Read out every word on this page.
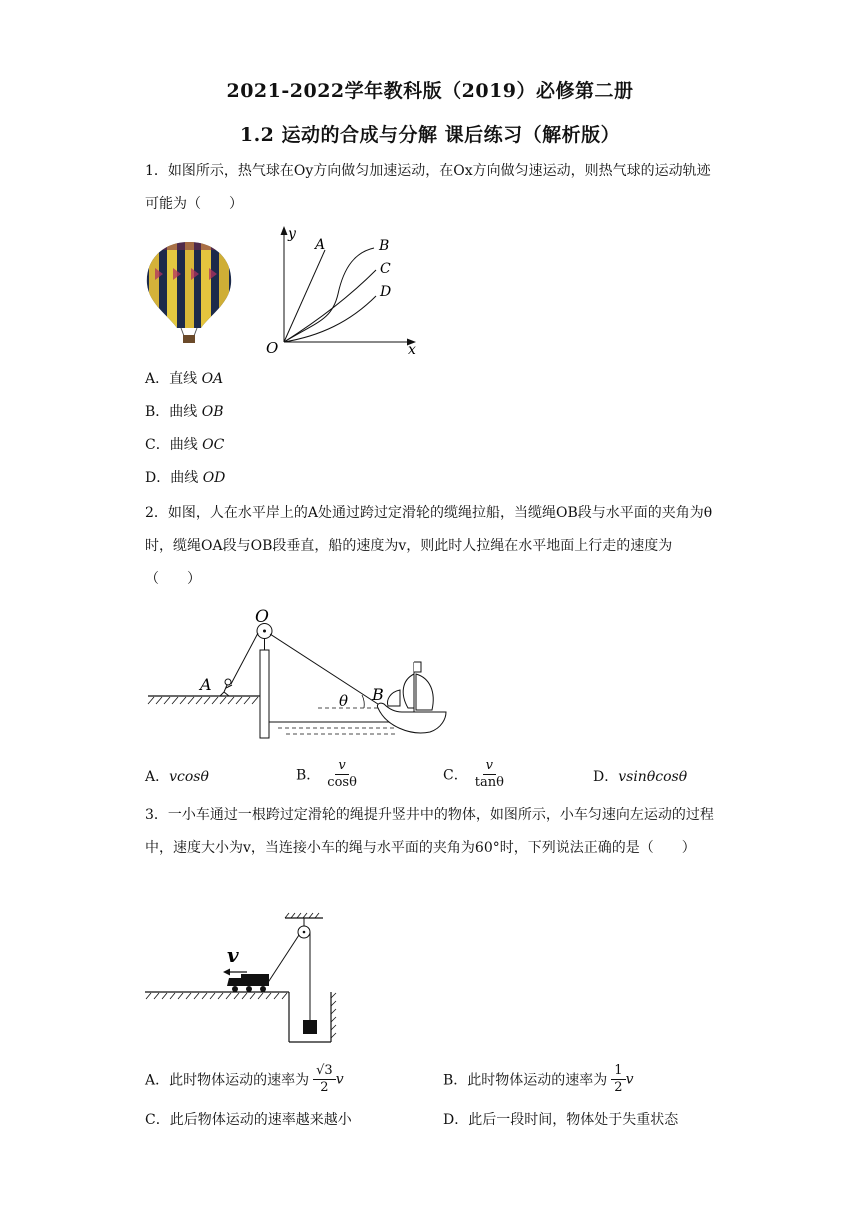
2021-2022学年教科版（2019）必修第二册
1.2 运动的合成与分解 课后练习（解析版）
1．如图所示，热气球在Oy方向做匀加速运动，在Ox方向做匀速运动，则热气球的运动轨迹可能为（　　）
y
x
O
A	B
C
D
A．直线 OA
B．曲线 OB
C．曲线 OC
D．曲线 OD
2．如图，人在水平岸上的A处通过跨过定滑轮的缆绳拉船，当缆绳OB段与水平面的夹角为θ时，缆绳OA段与OB段垂直，船的速度为v，则此时人拉绳在水平地面上行走的速度为（　　）
O
A
B
θ
A．vcosθ	B． $\frac{v}{\cos\theta}$	C． $\frac{v}{\tan\theta}$	D．vsinθcosθ
3．一小车通过一根跨过定滑轮的绳提升竖井中的物体，如图所示，小车匀速向左运动的过程中，速度大小为v，当连接小车的绳与水平面的夹角为60°时，下列说法正确的是（　　）
v
A．此时物体运动的速率为 $\frac{√3}{2}$ v	B．此时物体运动的速率为 $\frac{1}{2}$ v
C．此后物体运动的速率越来越小	D．此后一段时间，物体处于失重状态
